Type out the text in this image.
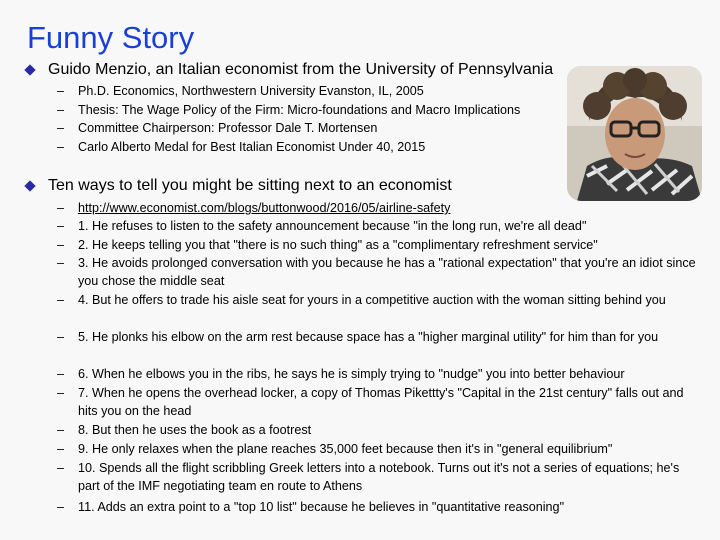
Funny Story
Guido Menzio, an Italian economist from the University of Pennsylvania
– Ph.D. Economics, Northwestern University Evanston, IL, 2005
– Thesis: The Wage Policy of the Firm: Micro-foundations and Macro Implications
– Committee Chairperson: Professor Dale T. Mortensen
– Carlo Alberto Medal for Best Italian Economist Under 40, 2015
Ten ways to tell you might be sitting next to an economist
– http://www.economist.com/blogs/buttonwood/2016/05/airline-safety
– 1. He refuses to listen to the safety announcement because "in the long run, we're all dead"
– 2. He keeps telling you that "there is no such thing" as a "complimentary refreshment service"
– 3. He avoids prolonged conversation with you because he has a "rational expectation" that you're an idiot since you chose the middle seat
– 4. But he offers to trade his aisle seat for yours in a competitive auction with the woman sitting behind you
– 5. He plonks his elbow on the arm rest because space has a "higher marginal utility" for him than for you
– 6. When he elbows you in the ribs, he says he is simply trying to "nudge" you into better behaviour
– 7. When he opens the overhead locker, a copy of Thomas Pikettty's "Capital in the 21st century" falls out and hits you on the head
– 8. But then he uses the book as a footrest
– 9. He only relaxes when the plane reaches 35,000 feet because then it's in "general equilibrium"
– 10. Spends all the flight scribbling Greek letters into a notebook. Turns out it's not a series of equations; he's part of the IMF negotiating team en route to Athens
– 11. Adds an extra point to a "top 10 list" because he believes in "quantitative reasoning"
